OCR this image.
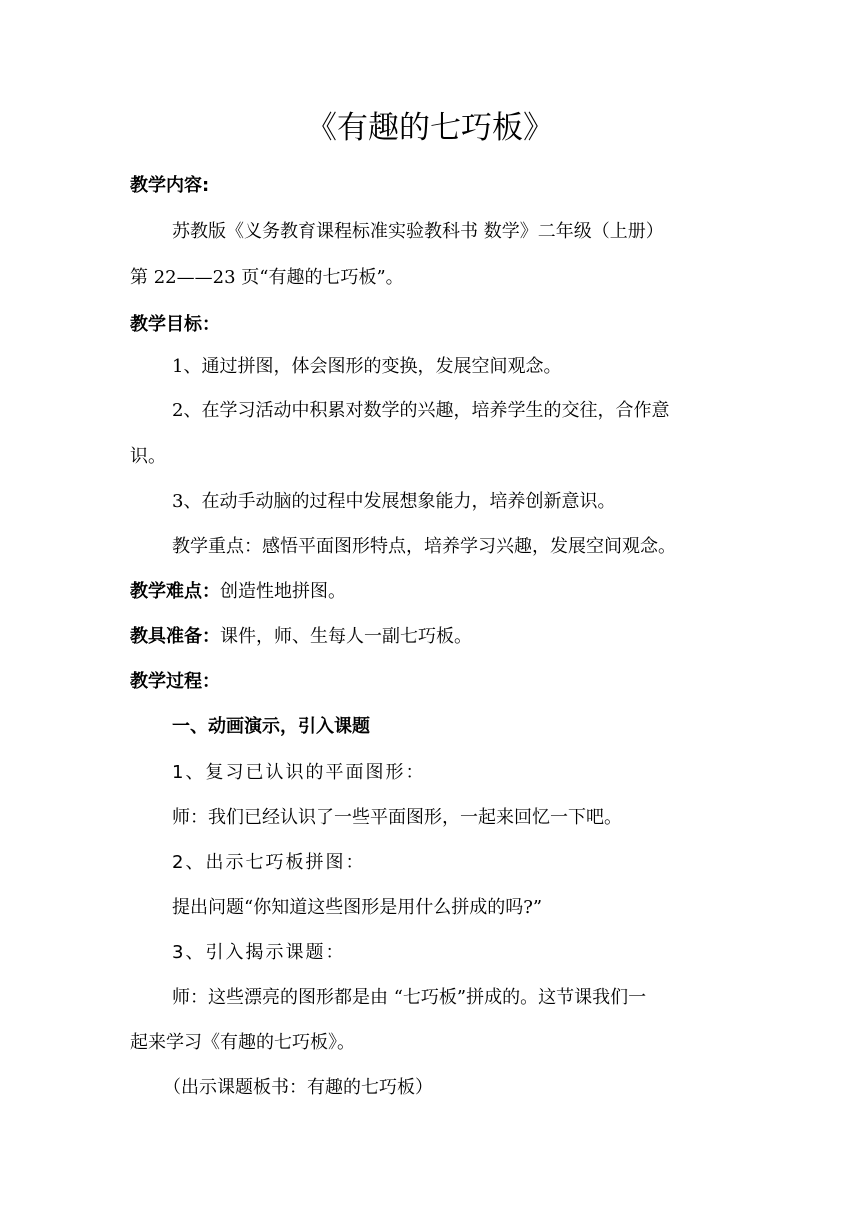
《有趣的七巧板》
教学内容:
苏教版《义务教育课程标准实验教科书 数学》二年级（上册）
第 22——23 页“有趣的七巧板”。
教学目标：
1、通过拼图，体会图形的变换，发展空间观念。
2、在学习活动中积累对数学的兴趣，培养学生的交往，合作意
识。
3、在动手动脑的过程中发展想象能力，培养创新意识。
教学重点：感悟平面图形特点，培养学习兴趣，发展空间观念。
教学难点：创造性地拼图。
教具准备：课件，师、生每人一副七巧板。
教学过程：
一、动画演示，引入课题
1、复习已认识的平面图形：
师：我们已经认识了一些平面图形，一起来回忆一下吧。
2、出示七巧板拼图：
提出问题“你知道这些图形是用什么拼成的吗?”
3、引入揭示课题：
师：这些漂亮的图形都是由 “七巧板”拼成的。这节课我们一
起来学习《有趣的七巧板》。
（出示课题板书：有趣的七巧板）
